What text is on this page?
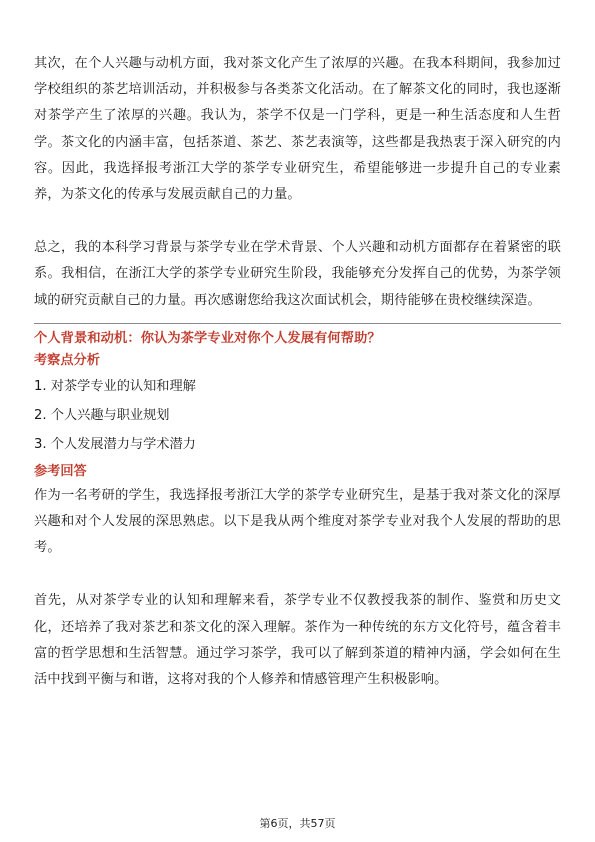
其次，在个人兴趣与动机方面，我对茶文化产生了浓厚的兴趣。在我本科期间，我参加过学校组织的茶艺培训活动，并积极参与各类茶文化活动。在了解茶文化的同时，我也逐渐对茶学产生了浓厚的兴趣。我认为，茶学不仅是一门学科，更是一种生活态度和人生哲学。茶文化的内涵丰富，包括茶道、茶艺、茶艺表演等，这些都是我热衷于深入研究的内容。因此，我选择报考浙江大学的茶学专业研究生，希望能够进一步提升自己的专业素养，为茶文化的传承与发展贡献自己的力量。

总之，我的本科学习背景与茶学专业在学术背景、个人兴趣和动机方面都存在着紧密的联系。我相信，在浙江大学的茶学专业研究生阶段，我能够充分发挥自己的优势，为茶学领域的研究贡献自己的力量。再次感谢您给我这次面试机会，期待能够在贵校继续深造。

个人背景和动机：你认为茶学专业对你个人发展有何帮助？

考察点分析

1. 对茶学专业的认知和理解
2. 个人兴趣与职业规划
3. 个人发展潜力与学术潜力

参考回答

作为一名考研的学生，我选择报考浙江大学的茶学专业研究生，是基于我对茶文化的深厚兴趣和对个人发展的深思熟虑。以下是我从两个维度对茶学专业对我个人发展的帮助的思考。

首先，从对茶学专业的认知和理解来看，茶学专业不仅教授我茶的制作、鉴赏和历史文化，还培养了我对茶艺和茶文化的深入理解。茶作为一种传统的东方文化符号，蕴含着丰富的哲学思想和生活智慧。通过学习茶学，我可以了解到茶道的精神内涵，学会如何在生活中找到平衡与和谐，这将对我的个人修养和情感管理产生积极影响。

第6页，共57页
